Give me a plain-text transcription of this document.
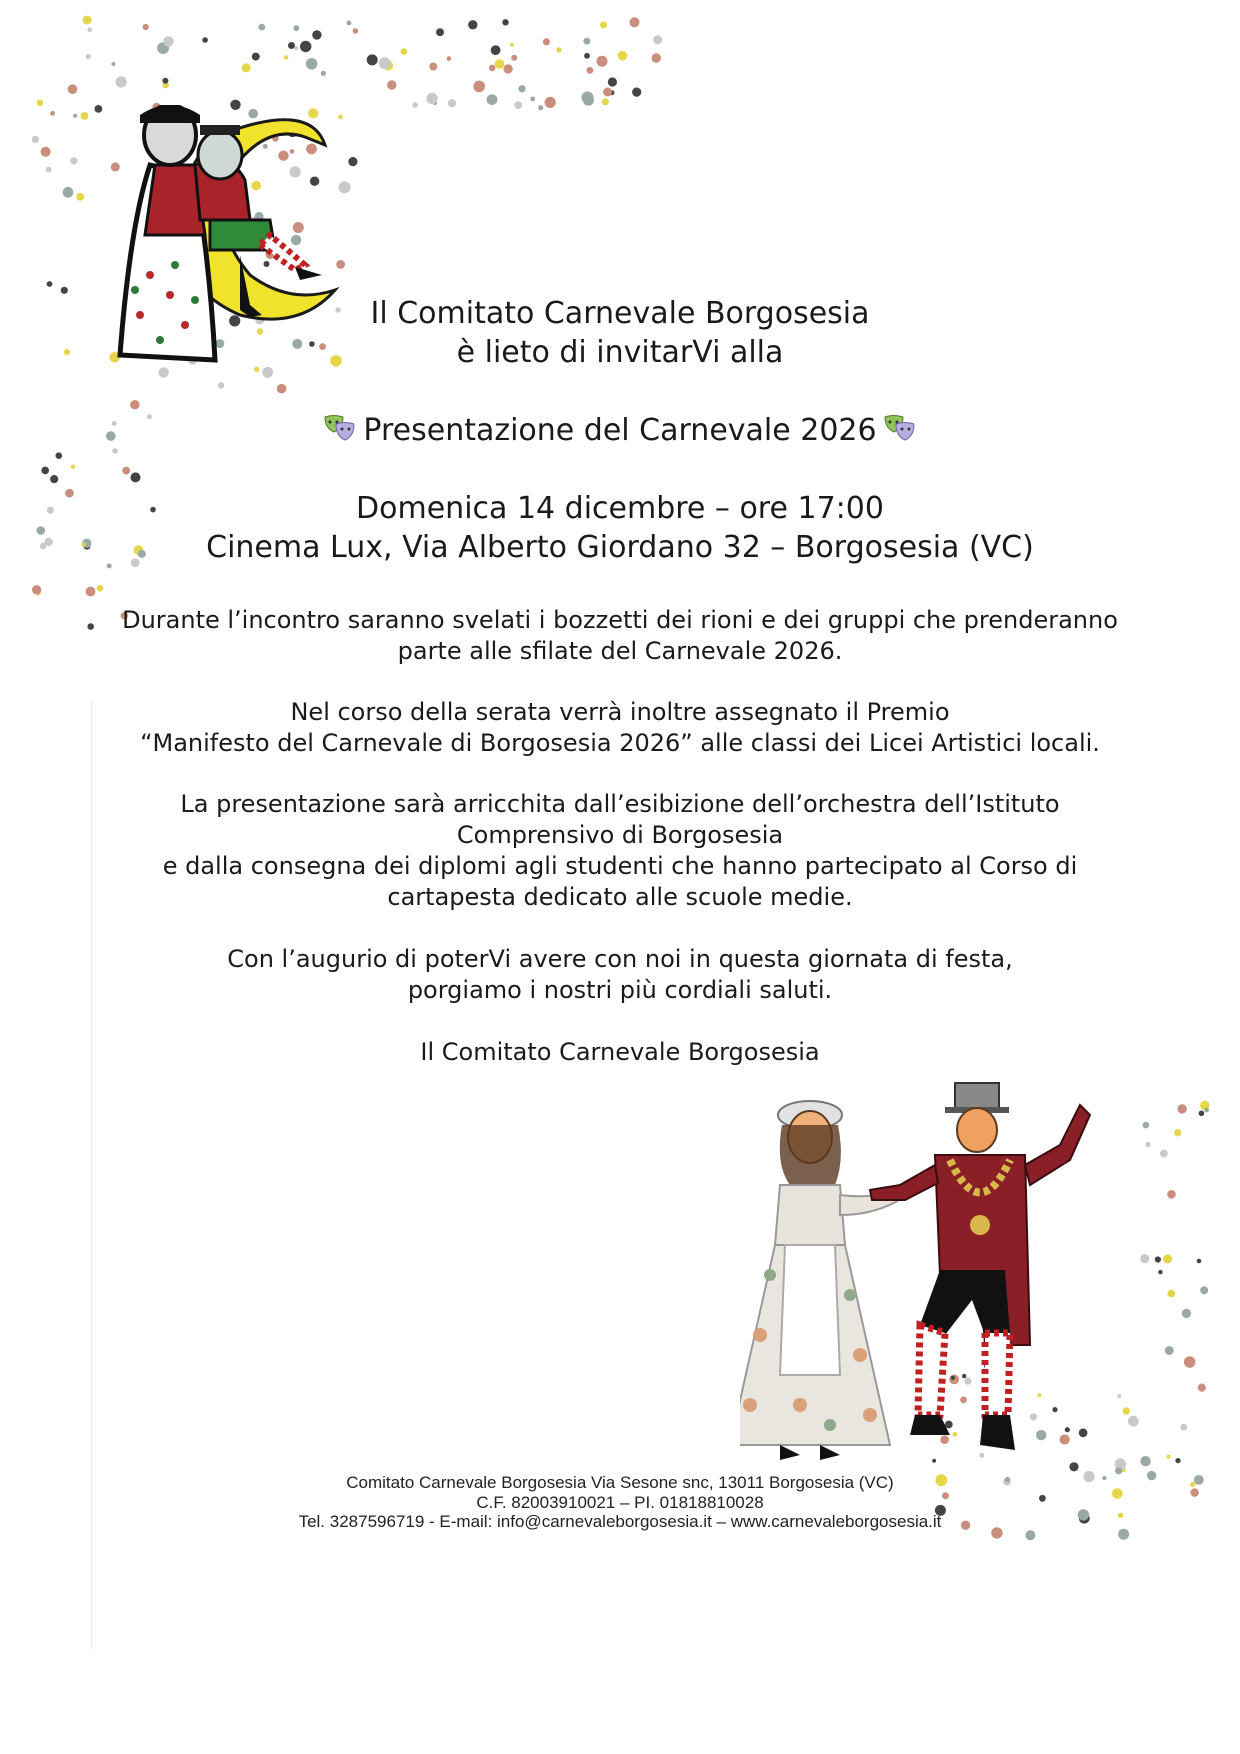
Il Comitato Carnevale Borgosesia
è lieto di invitarVi alla
Presentazione del Carnevale 2026
Domenica 14 dicembre – ore 17:00
Cinema Lux, Via Alberto Giordano 32 – Borgosesia (VC)
Durante l’incontro saranno svelati i bozzetti dei rioni e dei gruppi che prenderanno
parte alle sfilate del Carnevale 2026.
Nel corso della serata verrà inoltre assegnato il Premio
“Manifesto del Carnevale di Borgosesia 2026” alle classi dei Licei Artistici locali.
La presentazione sarà arricchita dall’esibizione dell’orchestra dell’Istituto
Comprensivo di Borgosesia
e dalla consegna dei diplomi agli studenti che hanno partecipato al Corso di
cartapesta dedicato alle scuole medie.
Con l’augurio di poterVi avere con noi in questa giornata di festa,
porgiamo i nostri più cordiali saluti.
Il Comitato Carnevale Borgosesia
Comitato Carnevale Borgosesia Via Sesone snc, 13011 Borgosesia (VC)
C.F. 82003910021 – PI. 01818810028
Tel. 3287596719 - E-mail: info@carnevaleborgosesia.it – www.carnevaleborgosesia.it
